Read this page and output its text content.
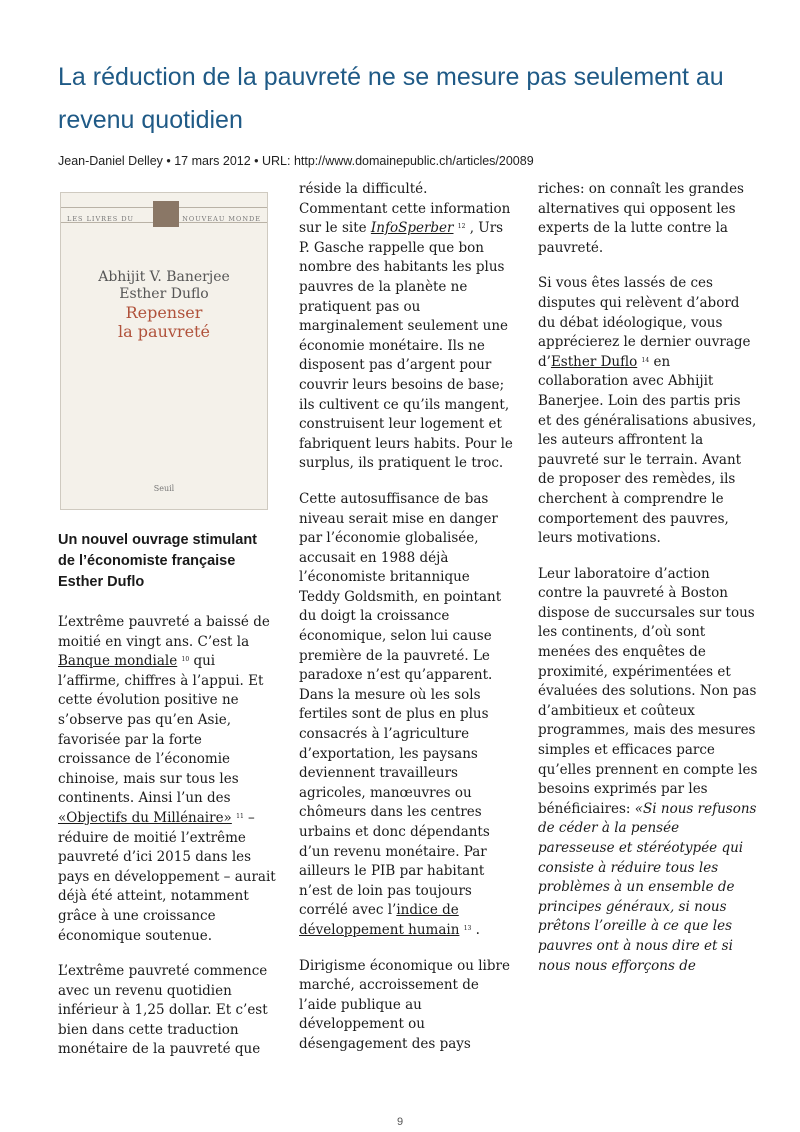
La réduction de la pauvreté ne se mesure pas seulement au revenu quotidien
Jean-Daniel Delley • 17 mars 2012 • URL: http://www.domainepublic.ch/articles/20089
LES LIVRES DU	NOUVEAU MONDE
Abhijit V. Banerjee
Esther Duflo
Repenser
la pauvreté
Seuil
Un nouvel ouvrage stimulant de l’économiste française Esther Duflo

L’extrême pauvreté a baissé de moitié en vingt ans. C’est la Banque mondiale $^{10}$ qui l’affirme, chiffres à l’appui. Et cette évolution positive ne s’observe pas qu’en Asie, favorisée par la forte croissance de l’économie chinoise, mais sur tous les continents. Ainsi l’un des «Objectifs du Millénaire» $^{11}$ – réduire de moitié l’extrême pauvreté d’ici 2015 dans les pays en développement – aurait déjà été atteint, notamment grâce à une croissance économique soutenue.

L’extrême pauvreté commence avec un revenu quotidien inférieur à 1,25 dollar. Et c’est bien dans cette traduction monétaire de la pauvreté que

réside la difficulté. Commentant cette information sur le site InfoSperber $^{12}$ , Urs P. Gasche rappelle que bon nombre des habitants les plus pauvres de la planète ne pratiquent pas ou marginalement seulement une économie monétaire. Ils ne disposent pas d’argent pour couvrir leurs besoins de base; ils cultivent ce qu’ils mangent, construisent leur logement et fabriquent leurs habits. Pour le surplus, ils pratiquent le troc.

Cette autosuffisance de bas niveau serait mise en danger par l’économie globalisée, accusait en 1988 déjà l’économiste britannique Teddy Goldsmith, en pointant du doigt la croissance économique, selon lui cause première de la pauvreté. Le paradoxe n’est qu’apparent. Dans la mesure où les sols fertiles sont de plus en plus consacrés à l’agriculture d’exportation, les paysans deviennent travailleurs agricoles, manœuvres ou chômeurs dans les centres urbains et donc dépendants d’un revenu monétaire. Par ailleurs le PIB par habitant n’est de loin pas toujours corrélé avec l’indice de développement humain $^{13}$ .

Dirigisme économique ou libre marché, accroissement de l’aide publique au développement ou désengagement des pays

riches: on connaît les grandes alternatives qui opposent les experts de la lutte contre la pauvreté.

Si vous êtes lassés de ces disputes qui relèvent d’abord du débat idéologique, vous apprécierez le dernier ouvrage d’Esther Duflo $^{14}$ en collaboration avec Abhijit Banerjee. Loin des partis pris et des généralisations abusives, les auteurs affrontent la pauvreté sur le terrain. Avant de proposer des remèdes, ils cherchent à comprendre le comportement des pauvres, leurs motivations.

Leur laboratoire d’action contre la pauvreté à Boston dispose de succursales sur tous les continents, d’où sont menées des enquêtes de proximité, expérimentées et évaluées des solutions. Non pas d’ambitieux et coûteux programmes, mais des mesures simples et efficaces parce qu’elles prennent en compte les besoins exprimés par les bénéficiaires: «Si nous refusons de céder à la pensée paresseuse et stéréotypée qui consiste à réduire tous les problèmes à un ensemble de principes généraux, si nous prêtons l’oreille à ce que les pauvres ont à nous dire et si nous nous efforçons de

9
